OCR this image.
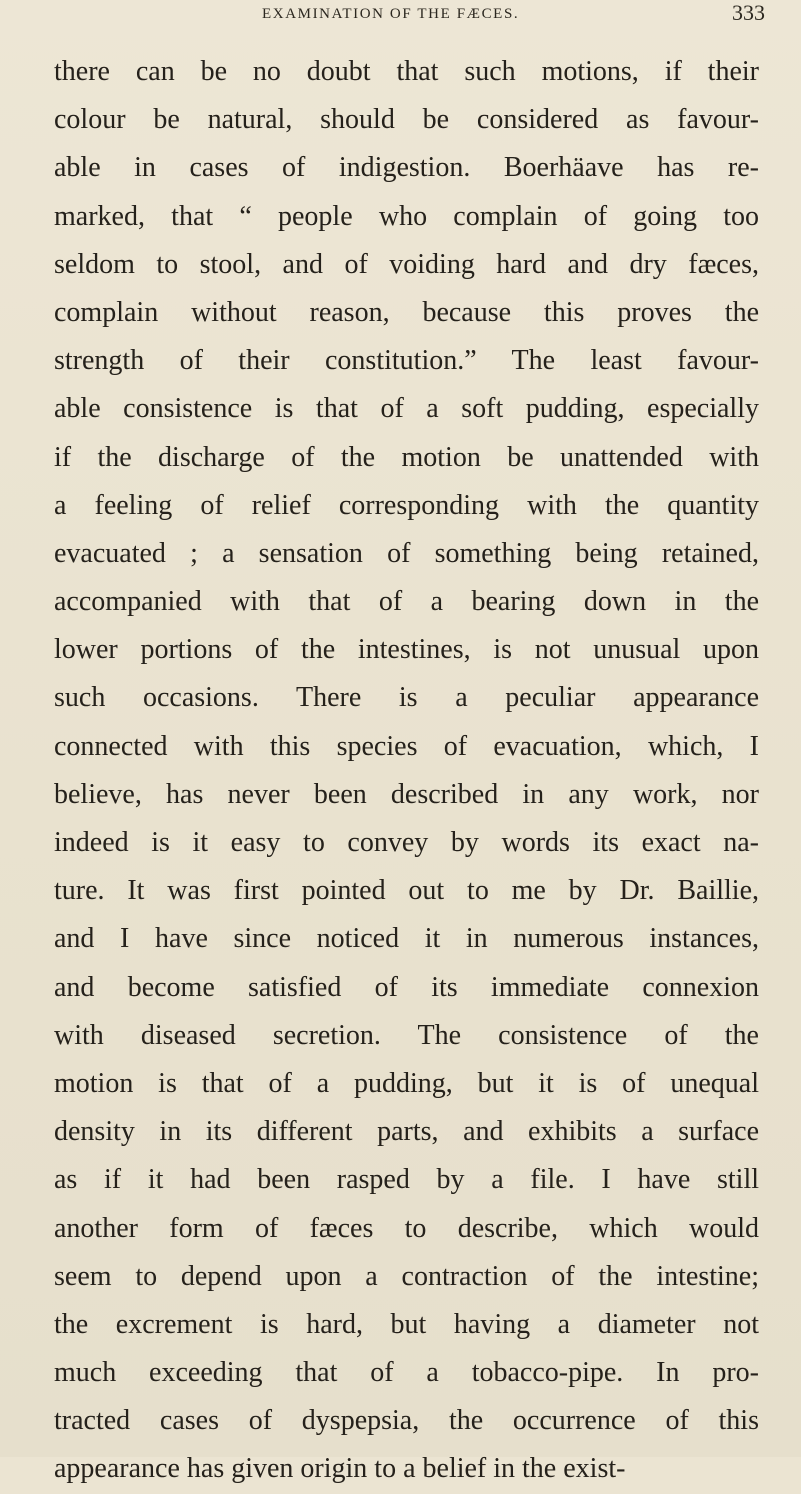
EXAMINATION OF THE FÆCES.	333
there can be no doubt that such motions, if their
colour be natural, should be considered as favour-
able in cases of indigestion. Boerhäave has re-
marked, that “ people who complain of going too
seldom to stool, and of voiding hard and dry fæces,
complain without reason, because this proves the
strength of their constitution.” The least favour-
able consistence is that of a soft pudding, especially
if the discharge of the motion be unattended with
a feeling of relief corresponding with the quantity
evacuated ; a sensation of something being retained,
accompanied with that of a bearing down in the
lower portions of the intestines, is not unusual upon
such occasions. There is a peculiar appearance
connected with this species of evacuation, which, I
believe, has never been described in any work, nor
indeed is it easy to convey by words its exact na-
ture. It was first pointed out to me by Dr. Baillie,
and I have since noticed it in numerous instances,
and become satisfied of its immediate connexion
with diseased secretion. The consistence of the
motion is that of a pudding, but it is of unequal
density in its different parts, and exhibits a surface
as if it had been rasped by a file. I have still
another form of fæces to describe, which would
seem to depend upon a contraction of the intestine;
the excrement is hard, but having a diameter not
much exceeding that of a tobacco-pipe. In pro-
tracted cases of dyspepsia, the occurrence of this
appearance has given origin to a belief in the exist-
